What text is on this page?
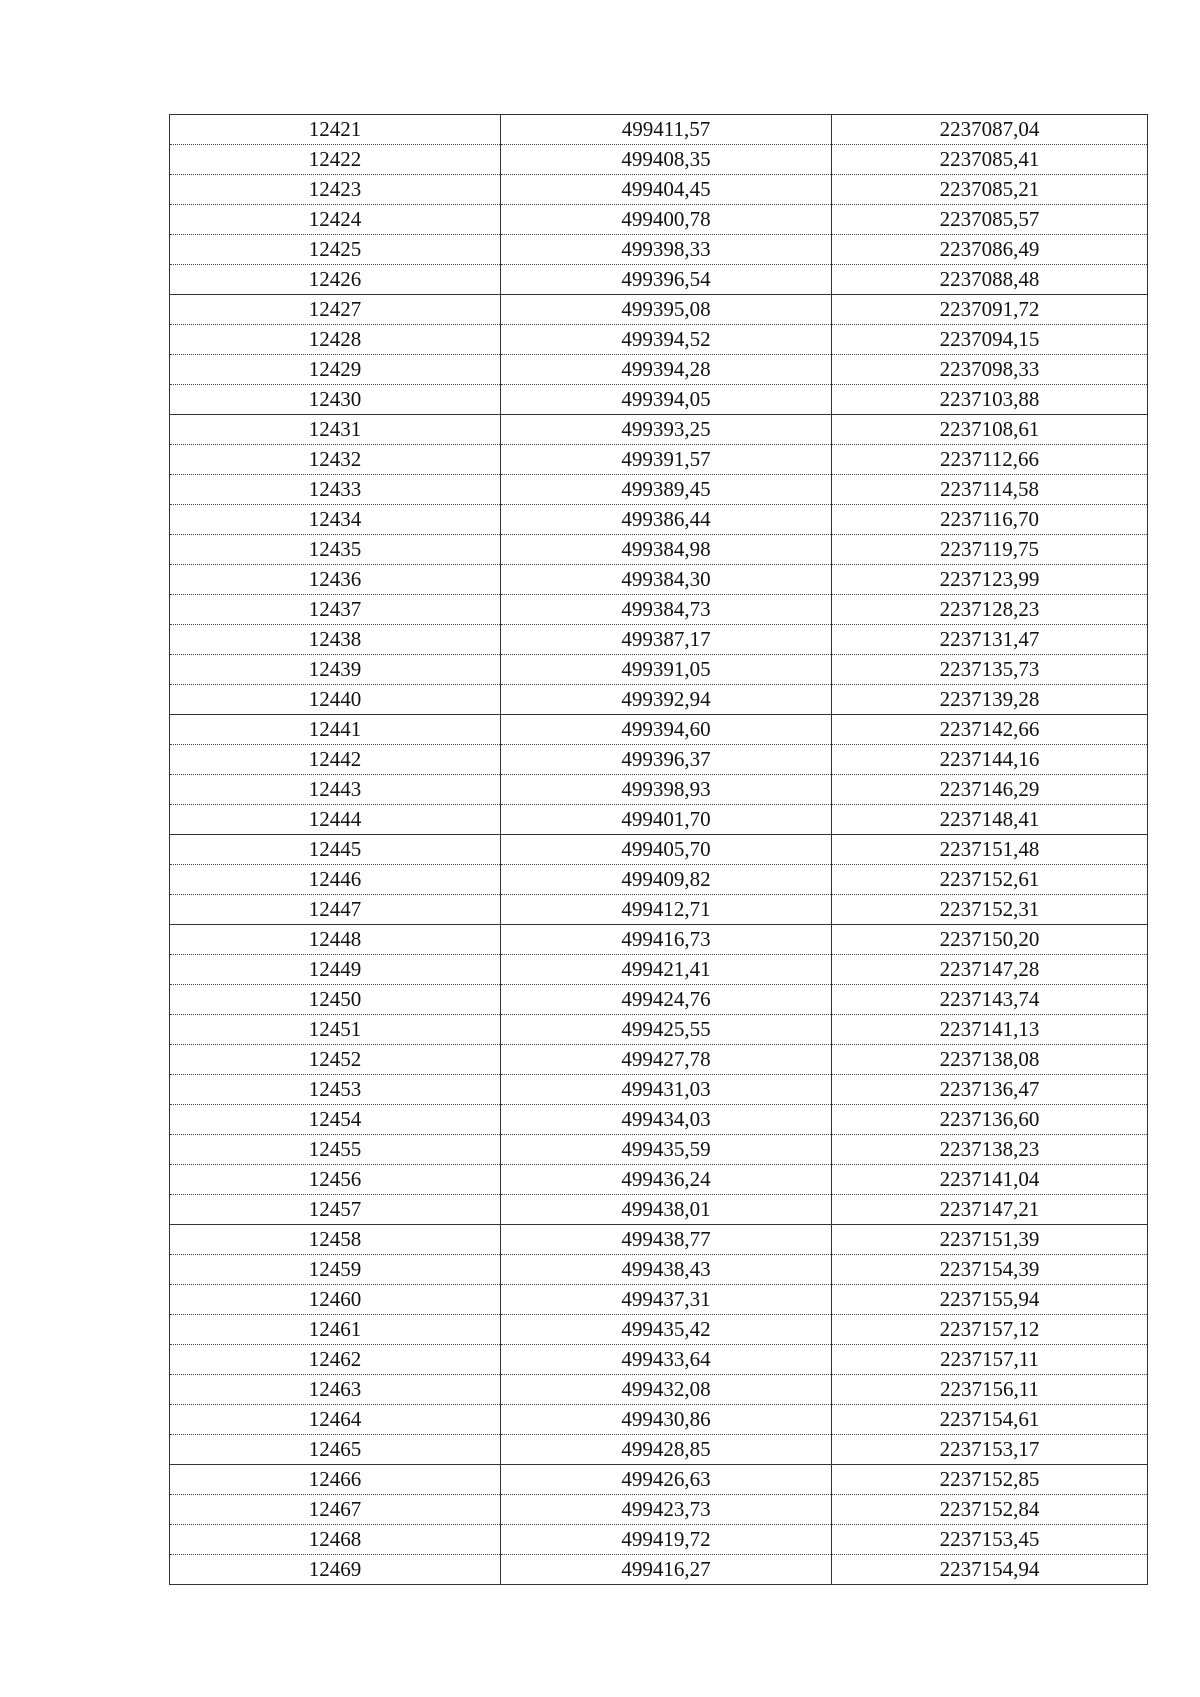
12421	499411,57	2237087,04
12422	499408,35	2237085,41
12423	499404,45	2237085,21
12424	499400,78	2237085,57
12425	499398,33	2237086,49
12426	499396,54	2237088,48
12427	499395,08	2237091,72
12428	499394,52	2237094,15
12429	499394,28	2237098,33
12430	499394,05	2237103,88
12431	499393,25	2237108,61
12432	499391,57	2237112,66
12433	499389,45	2237114,58
12434	499386,44	2237116,70
12435	499384,98	2237119,75
12436	499384,30	2237123,99
12437	499384,73	2237128,23
12438	499387,17	2237131,47
12439	499391,05	2237135,73
12440	499392,94	2237139,28
12441	499394,60	2237142,66
12442	499396,37	2237144,16
12443	499398,93	2237146,29
12444	499401,70	2237148,41
12445	499405,70	2237151,48
12446	499409,82	2237152,61
12447	499412,71	2237152,31
12448	499416,73	2237150,20
12449	499421,41	2237147,28
12450	499424,76	2237143,74
12451	499425,55	2237141,13
12452	499427,78	2237138,08
12453	499431,03	2237136,47
12454	499434,03	2237136,60
12455	499435,59	2237138,23
12456	499436,24	2237141,04
12457	499438,01	2237147,21
12458	499438,77	2237151,39
12459	499438,43	2237154,39
12460	499437,31	2237155,94
12461	499435,42	2237157,12
12462	499433,64	2237157,11
12463	499432,08	2237156,11
12464	499430,86	2237154,61
12465	499428,85	2237153,17
12466	499426,63	2237152,85
12467	499423,73	2237152,84
12468	499419,72	2237153,45
12469	499416,27	2237154,94
